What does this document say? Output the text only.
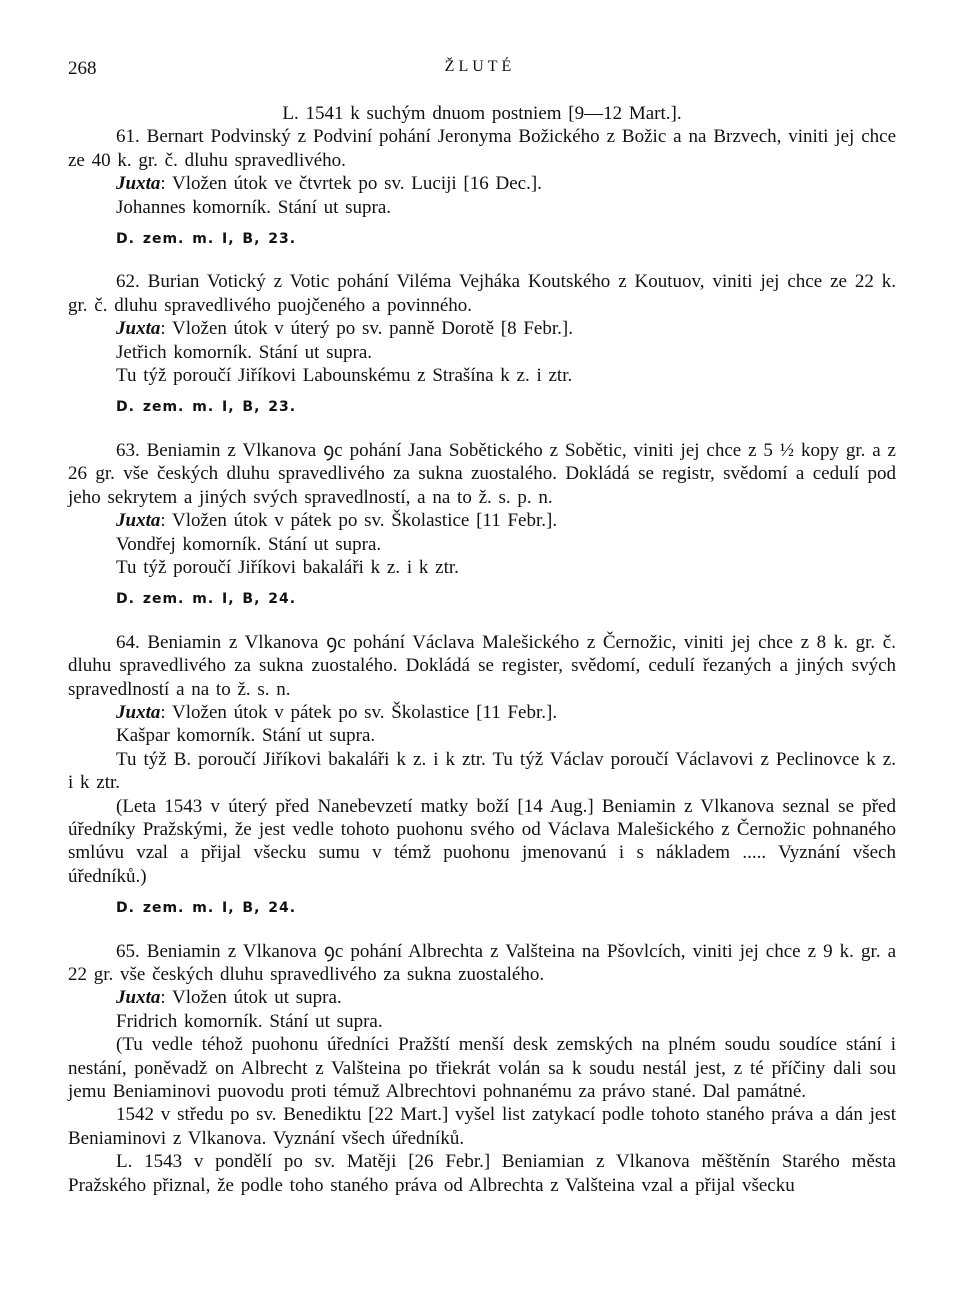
268	ŽLUTÉ

L. 1541 k suchým dnuom postniem [9—12 Mart.].

61. Bernart Podvinský z Podviní pohání Jeronyma Božického z Božic a na Brzvech, viniti jej chce ze 40 k. gr. č. dluhu spravedlivého.

Juxta: Vložen útok ve čtvrtek po sv. Luciji [16 Dec.].

Johannes komorník. Stání ut supra.

D. zem. m. I, B, 23.

62. Burian Votický z Votic pohání Viléma Vejháka Koutského z Koutuov, viniti jej chce ze 22 k. gr. č. dluhu spravedlivého puojčeného a povinného.

Juxta: Vložen útok v úterý po sv. panně Dorotě [8 Febr.].

Jetřich komorník. Stání ut supra.

Tu týž poroučí Jiříkovi Labounskému z Strašína k z. i ztr.

D. zem. m. I, B, 23.

63. Beniamin z Vlkanova ꝯc pohání Jana Sobětického z Sobětic, viniti jej chce z 5 ½ kopy gr. a z 26 gr. vše českých dluhu spravedlivého za sukna zuostalého. Dokládá se registr, svědomí a cedulí pod jeho sekrytem a jiných svých spravedlností, a na to ž. s. p. n.

Juxta: Vložen útok v pátek po sv. Školastice [11 Febr.].

Vondřej komorník. Stání ut supra.

Tu týž poroučí Jiříkovi bakaláři k z. i k ztr.

D. zem. m. I, B, 24.

64. Beniamin z Vlkanova ꝯc pohání Václava Malešického z Černožic, viniti jej chce z 8 k. gr. č. dluhu spravedlivého za sukna zuostalého. Dokládá se register, svědomí, cedulí řezaných a jiných svých spravedlností a na to ž. s. n.

Juxta: Vložen útok v pátek po sv. Školastice [11 Febr.].

Kašpar komorník. Stání ut supra.

Tu týž B. poroučí Jiříkovi bakaláři k z. i k ztr. Tu týž Václav poroučí Václavovi z Peclinovce k z. i k ztr.

(Leta 1543 v úterý před Nanebevzetí matky boží [14 Aug.] Beniamin z Vlkanova seznal se před úředníky Pražskými, že jest vedle tohoto puohonu svého od Václava Malešického z Černožic pohnaného smlúvu vzal a přijal všecku sumu v témž puohonu jmenovanú i s nákladem ..... Vyznání všech úředníků.)

D. zem. m. I, B, 24.

65. Beniamin z Vlkanova ꝯc pohání Albrechta z Valšteina na Pšovlcích, viniti jej chce z 9 k. gr. a 22 gr. vše českých dluhu spravedlivého za sukna zuostalého.

Juxta: Vložen útok ut supra.

Fridrich komorník. Stání ut supra.

(Tu vedle téhož puohonu úředníci Pražští menší desk zemských na plném soudu soudíce stání i nestání, poněvadž on Albrecht z Valšteina po třiekrát volán sa k soudu nestál jest, z té příčiny dali sou jemu Beniaminovi puovodu proti témuž Albrechtovi pohnanému za právo stané. Dal památné.

1542 v středu po sv. Benediktu [22 Mart.] vyšel list zatykací podle tohoto staného práva a dán jest Beniaminovi z Vlkanova. Vyznání všech úředníků.

L. 1543 v pondělí po sv. Matěji [26 Febr.] Beniamian z Vlkanova měštěnín Starého města Pražského přiznal, že podle toho staného práva od Albrechta z Valšteina vzal a přijal všecku
